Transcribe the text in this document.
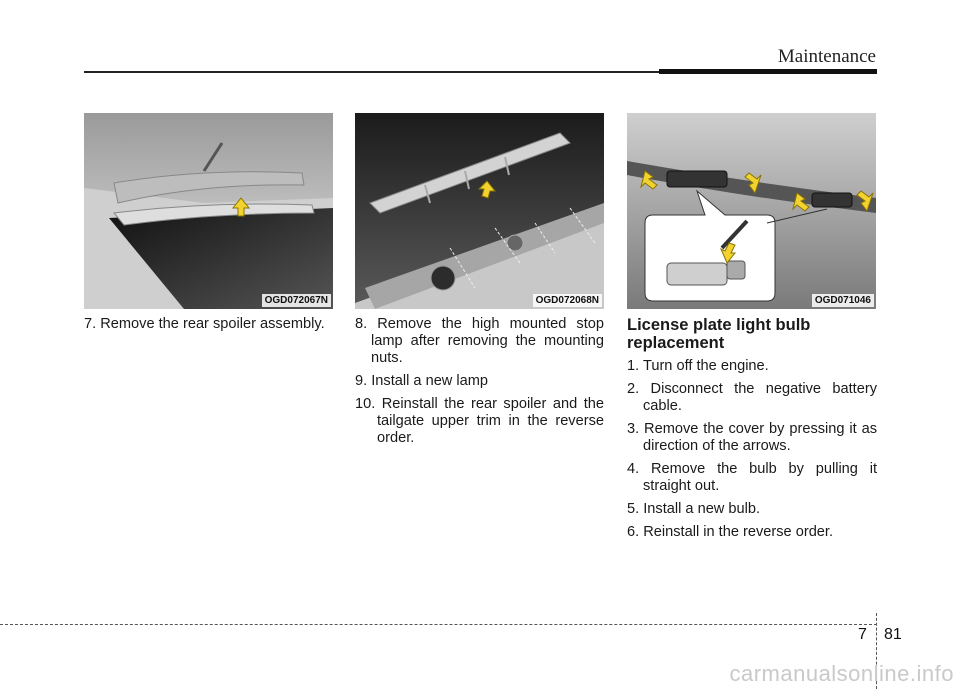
Maintenance
OGD072067N	OGD072068N	OGD071046

7. Remove the rear spoiler assembly.	8. Remove the high mounted stop lamp after removing the mounting nuts.

9. Install a new lamp

10. Reinstall the rear spoiler and the tailgate upper trim in the reverse order.

License plate light bulb
replacement

1. Turn off the engine.

2. Disconnect the negative battery cable.

3. Remove the cover by pressing it as direction of the arrows.

4. Remove the bulb by pulling it straight out.

5. Install a new bulb.

6. Reinstall in the reverse order.

7 81
carmanualsonline.info
